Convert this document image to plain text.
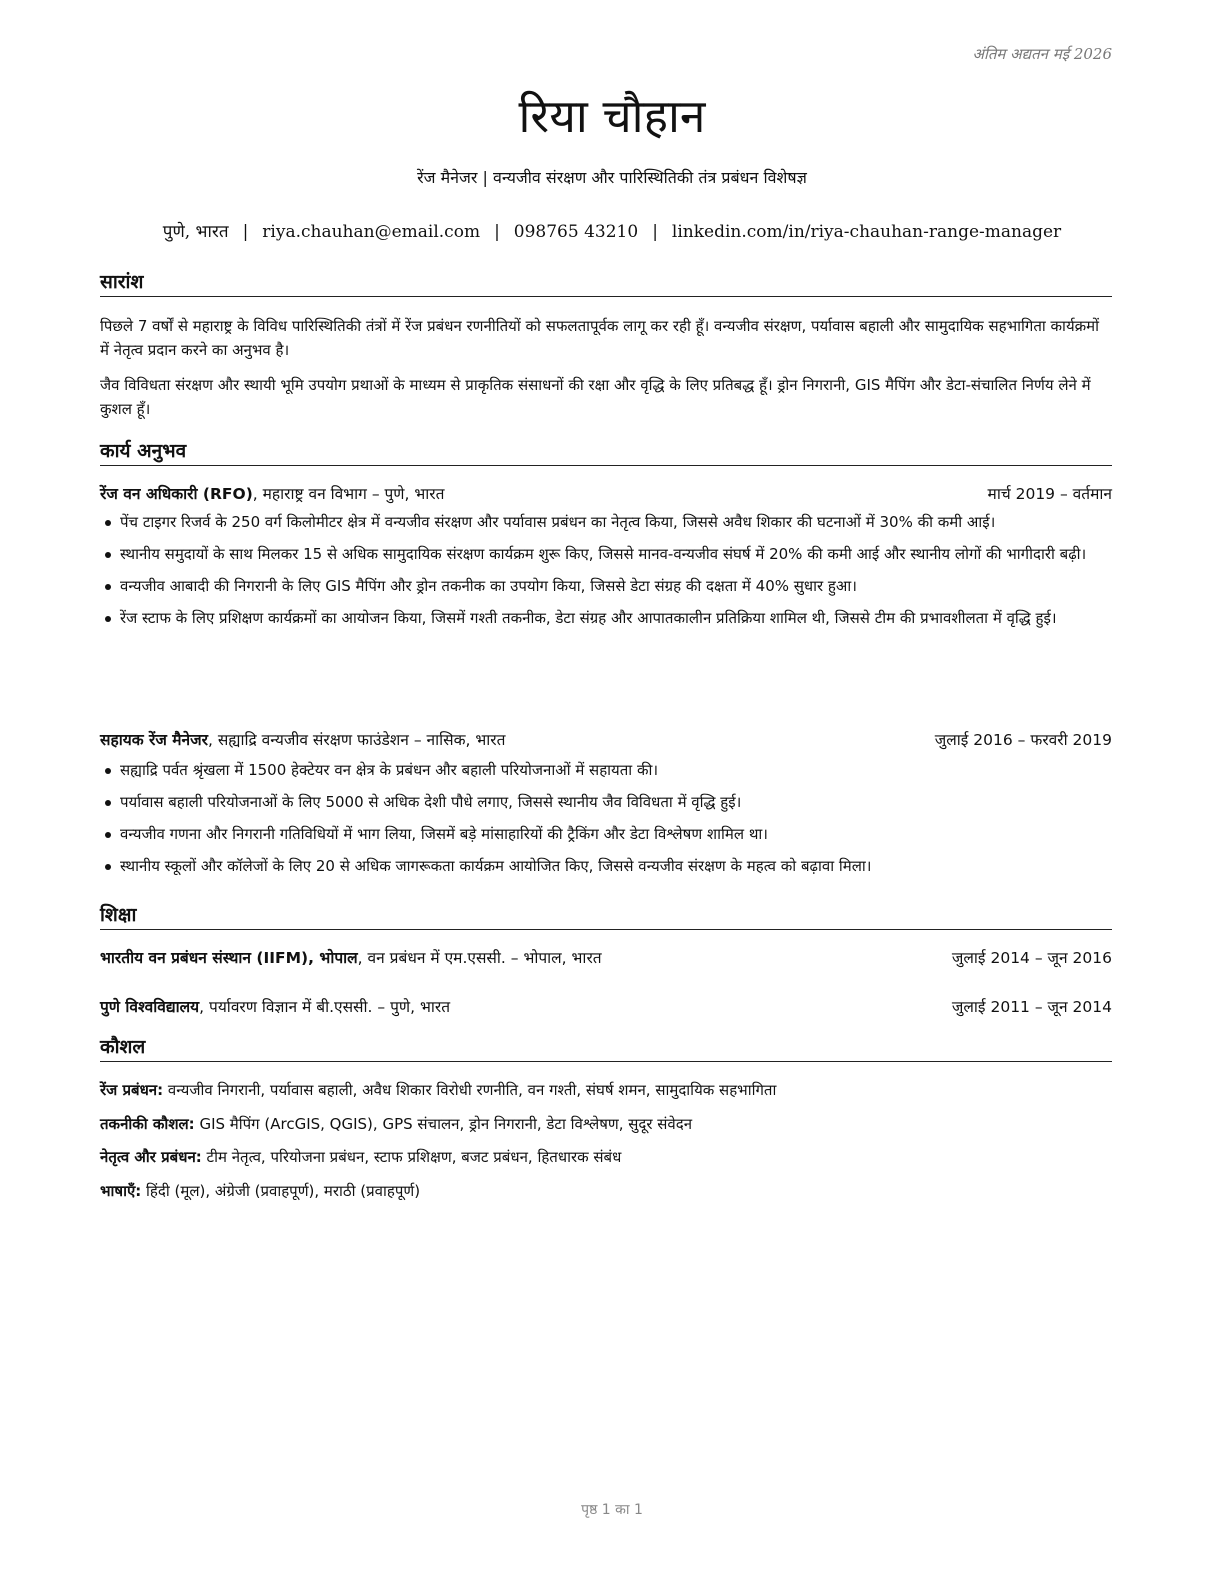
अंतिम अद्यतन मई 2026
रिया चौहान
रेंज मैनेजर | वन्यजीव संरक्षण और पारिस्थितिकी तंत्र प्रबंधन विशेषज्ञ
पुणे, भारत | riya.chauhan@email.com | 098765 43210 | linkedin.com/in/riya-chauhan-range-manager
सारांश
पिछले 7 वर्षों से महाराष्ट्र के विविध पारिस्थितिकी तंत्रों में रेंज प्रबंधन रणनीतियों को सफलतापूर्वक लागू कर रही हूँ। वन्यजीव संरक्षण, पर्यावास बहाली और सामुदायिक सहभागिता कार्यक्रमों में नेतृत्व प्रदान करने का अनुभव है।
जैव विविधता संरक्षण और स्थायी भूमि उपयोग प्रथाओं के माध्यम से प्राकृतिक संसाधनों की रक्षा और वृद्धि के लिए प्रतिबद्ध हूँ। ड्रोन निगरानी, GIS मैपिंग और डेटा-संचालित निर्णय लेने में कुशल हूँ।
कार्य अनुभव
रेंज वन अधिकारी (RFO), महाराष्ट्र वन विभाग – पुणे, भारत	मार्च 2019 – वर्तमान
पेंच टाइगर रिजर्व के 250 वर्ग किलोमीटर क्षेत्र में वन्यजीव संरक्षण और पर्यावास प्रबंधन का नेतृत्व किया, जिससे अवैध शिकार की घटनाओं में 30% की कमी आई।
स्थानीय समुदायों के साथ मिलकर 15 से अधिक सामुदायिक संरक्षण कार्यक्रम शुरू किए, जिससे मानव-वन्यजीव संघर्ष में 20% की कमी आई और स्थानीय लोगों की भागीदारी बढ़ी।
वन्यजीव आबादी की निगरानी के लिए GIS मैपिंग और ड्रोन तकनीक का उपयोग किया, जिससे डेटा संग्रह की दक्षता में 40% सुधार हुआ।
रेंज स्टाफ के लिए प्रशिक्षण कार्यक्रमों का आयोजन किया, जिसमें गश्ती तकनीक, डेटा संग्रह और आपातकालीन प्रतिक्रिया शामिल थी, जिससे टीम की प्रभावशीलता में वृद्धि हुई।
सहायक रेंज मैनेजर, सह्याद्रि वन्यजीव संरक्षण फाउंडेशन – नासिक, भारत	जुलाई 2016 – फरवरी 2019
सह्याद्रि पर्वत श्रृंखला में 1500 हेक्टेयर वन क्षेत्र के प्रबंधन और बहाली परियोजनाओं में सहायता की।
पर्यावास बहाली परियोजनाओं के लिए 5000 से अधिक देशी पौधे लगाए, जिससे स्थानीय जैव विविधता में वृद्धि हुई।
वन्यजीव गणना और निगरानी गतिविधियों में भाग लिया, जिसमें बड़े मांसाहारियों की ट्रैकिंग और डेटा विश्लेषण शामिल था।
स्थानीय स्कूलों और कॉलेजों के लिए 20 से अधिक जागरूकता कार्यक्रम आयोजित किए, जिससे वन्यजीव संरक्षण के महत्व को बढ़ावा मिला।
शिक्षा
भारतीय वन प्रबंधन संस्थान (IIFM), भोपाल, वन प्रबंधन में एम.एससी. – भोपाल, भारत	जुलाई 2014 – जून 2016
पुणे विश्वविद्यालय, पर्यावरण विज्ञान में बी.एससी. – पुणे, भारत	जुलाई 2011 – जून 2014
कौशल
रेंज प्रबंधन: वन्यजीव निगरानी, पर्यावास बहाली, अवैध शिकार विरोधी रणनीति, वन गश्ती, संघर्ष शमन, सामुदायिक सहभागिता
तकनीकी कौशल: GIS मैपिंग (ArcGIS, QGIS), GPS संचालन, ड्रोन निगरानी, डेटा विश्लेषण, सुदूर संवेदन
नेतृत्व और प्रबंधन: टीम नेतृत्व, परियोजना प्रबंधन, स्टाफ प्रशिक्षण, बजट प्रबंधन, हितधारक संबंध
भाषाएँ: हिंदी (मूल), अंग्रेजी (प्रवाहपूर्ण), मराठी (प्रवाहपूर्ण)
पृष्ठ 1 का 1
